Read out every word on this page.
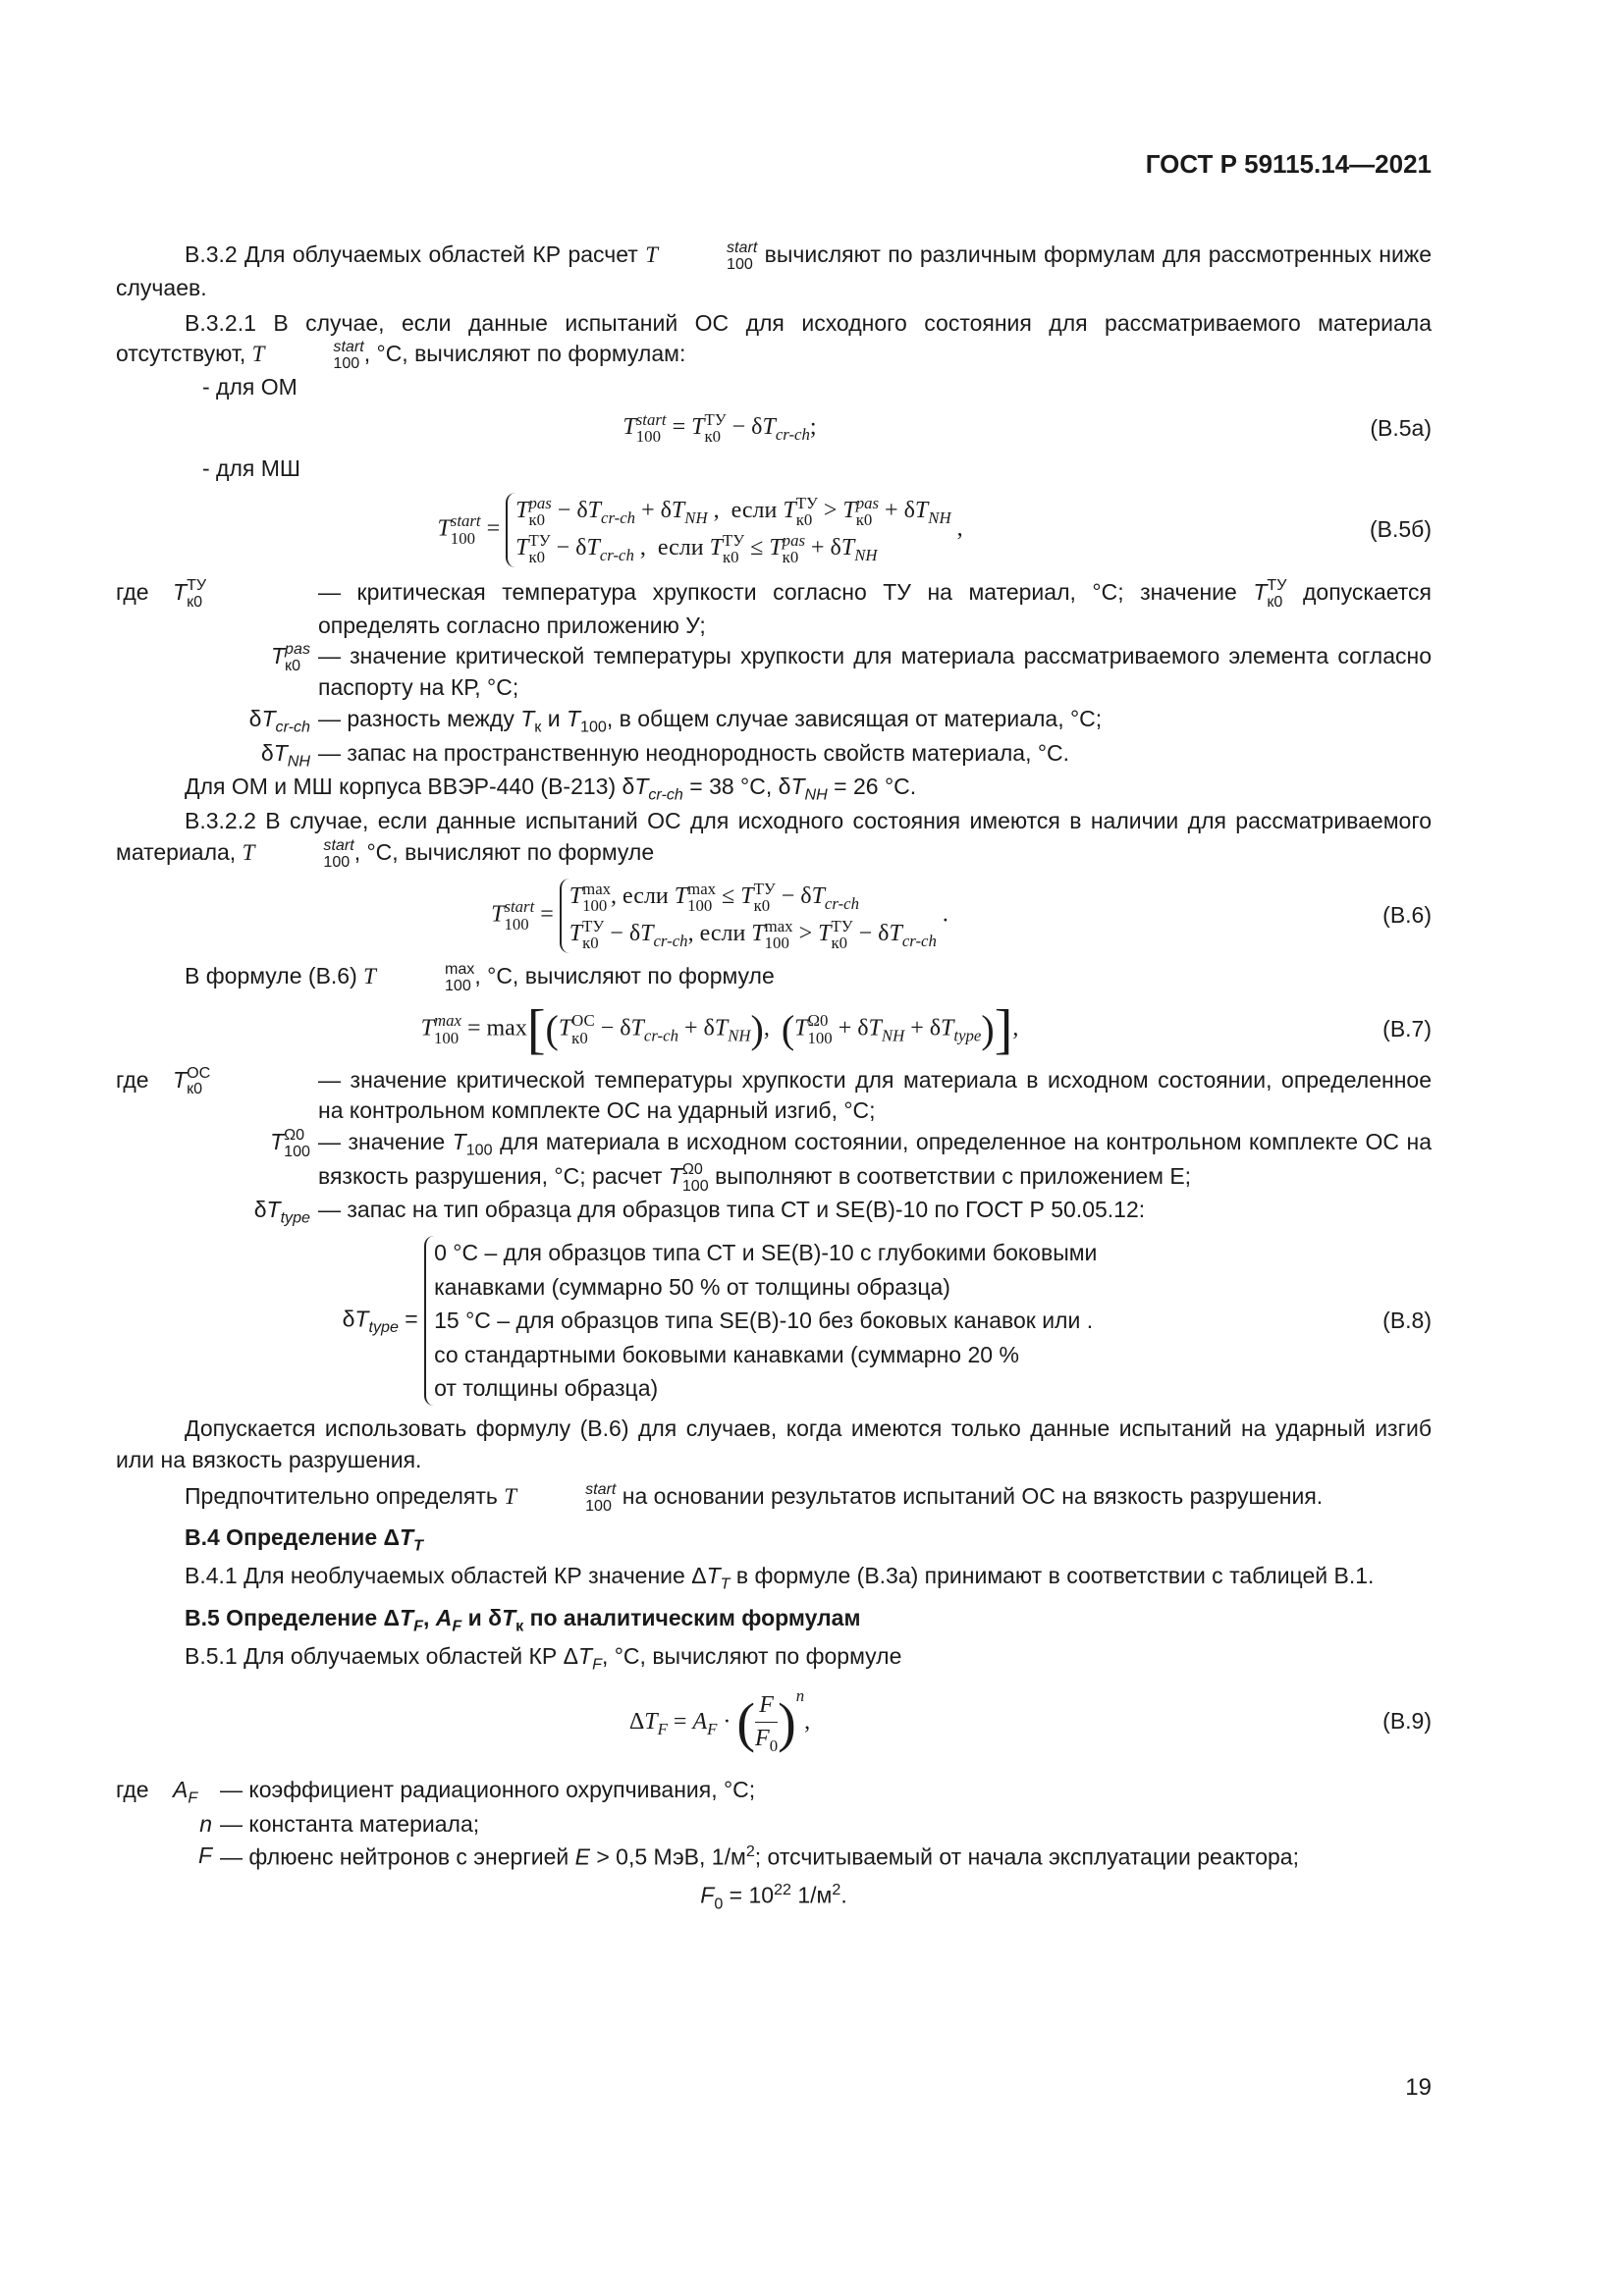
ГОСТ Р 59115.14—2021

В.3.2 Для облучаемых областей КР расчет T	start
100 вычисляют по различным формулам для рассмотренных ниже случаев.

В.3.2.1 В случае, если данные испытаний ОС для исходного состояния для рассматриваемого материала отсутствуют, T	start
100 , °С, вычисляют по формулам:

- для ОМ

T start
100 = T ТУ
$к0 - \delta T_{cr-ch}$;	(В.5а)

- для МШ

T start
100 =
T pas
$к0 - \delta T_{cr-ch} + \delta T_{NH}$ ,  если T ТУ
к0 > T pas
$к0 + \delta T_{NH}$
T ТУ
$к0 - \delta T_{cr-ch}$ ,  если T ТУ
к0 ≤ T pas
$к0 + \delta T_{NH}$
,	(В.5б)
где	T ТУ
к0	— критическая температура хрупкости согласно ТУ на материал, °С; значение T ТУ
к0 допускается определять согласно приложению У;
T pas
к0 — значение критической температуры хрупкости для материала рассматриваемого элемента согласно паспорту на КР, °С;
$\delta T_{cr-ch}$ — разность между $T_к$ и $T_{100}$, в общем случае зависящая от материала, °С;
$\delta T_{NH}$ — запас на пространственную неоднородность свойств материала, °С.

Для ОМ и МШ корпуса ВВЭР-440 (В-213) $\delta T_{cr-ch} = 38$ °С, $\delta T_{NH} = 26$ °С.

В.3.2.2 В случае, если данные испытаний ОС для исходного состояния имеются в наличии для рассматриваемого материала, T	start
100 , °С, вычисляют по формуле

T start
100 =
T max
100 , если T max
100 ≤ T ТУ
$к0 - \delta T_{cr-ch}$
T ТУ
$к0 - \delta T_{cr-ch}$, если T max
100 > T ТУ
$к0 - \delta T_{cr-ch}$
.	(В.6)

В формуле (В.6) T	max
100 , °С, вычисляют по формуле

T max
100 = max[(T ОС
$к0 - \delta T_{cr-ch} + \delta T_{NH}$),  (T Ω0
$100 + \delta T_{NH} + \delta T_{type}$)],	(В.7)
где	T ОС
к0	— значение критической температуры хрупкости для материала в исходном состоянии, определенное на контрольном комплекте ОС на ударный изгиб, °С;
T Ω0
100 — значение $T_{100}$ для материала в исходном состоянии, определенное на контрольном комплекте ОС на вязкость разрушения, °С; расчет T Ω0
100 выполняют в соответствии с приложением Е;
$\delta T_{type}$ — запас на тип образца для образцов типа СТ и SE(B)-10 по ГОСТ Р 50.05.12:
$\delta T_{type}$ =
0 °С – для образцов типа СТ и SE(B)-10 с глубокими боковыми
канавками (суммарно 50 % от толщины образца)
15 °С – для образцов типа SE(B)-10 без боковых канавок или .
со стандартными боковыми канавками (суммарно 20 %
от толщины образца)
(В.8)

Допускается использовать формулу (В.6) для случаев, когда имеются только данные испытаний на ударный изгиб или на вязкость разрушения.

Предпочтительно определять T	start
100 на основании результатов испытаний ОС на вязкость разрушения.

В.4 Определение $\Delta T_T$

В.4.1 Для необлучаемых областей КР значение $\Delta T_T$ в формуле (В.3а) принимают в соответствии с таблицей В.1.

В.5 Определение $\Delta T_F$, $A_F$ и $\delta T_к$ по аналитическим формулам

В.5.1 Для облучаемых областей КР $\Delta T_F$, °С, вычисляют по формуле

$\Delta T_F = A_F$ · ( $\frac{F}{F_0} )^n$,	(В.9)
где	$A_F$ — коэффициент радиационного охрупчивания, °С;
n — константа материала;
F — флюенс нейтронов с энергией E > 0,5 МэВ, $1/м^2$; отсчитываемый от начала эксплуатации реактора;

$F_0 = 10^{22}$ $1/м^2$.

19
